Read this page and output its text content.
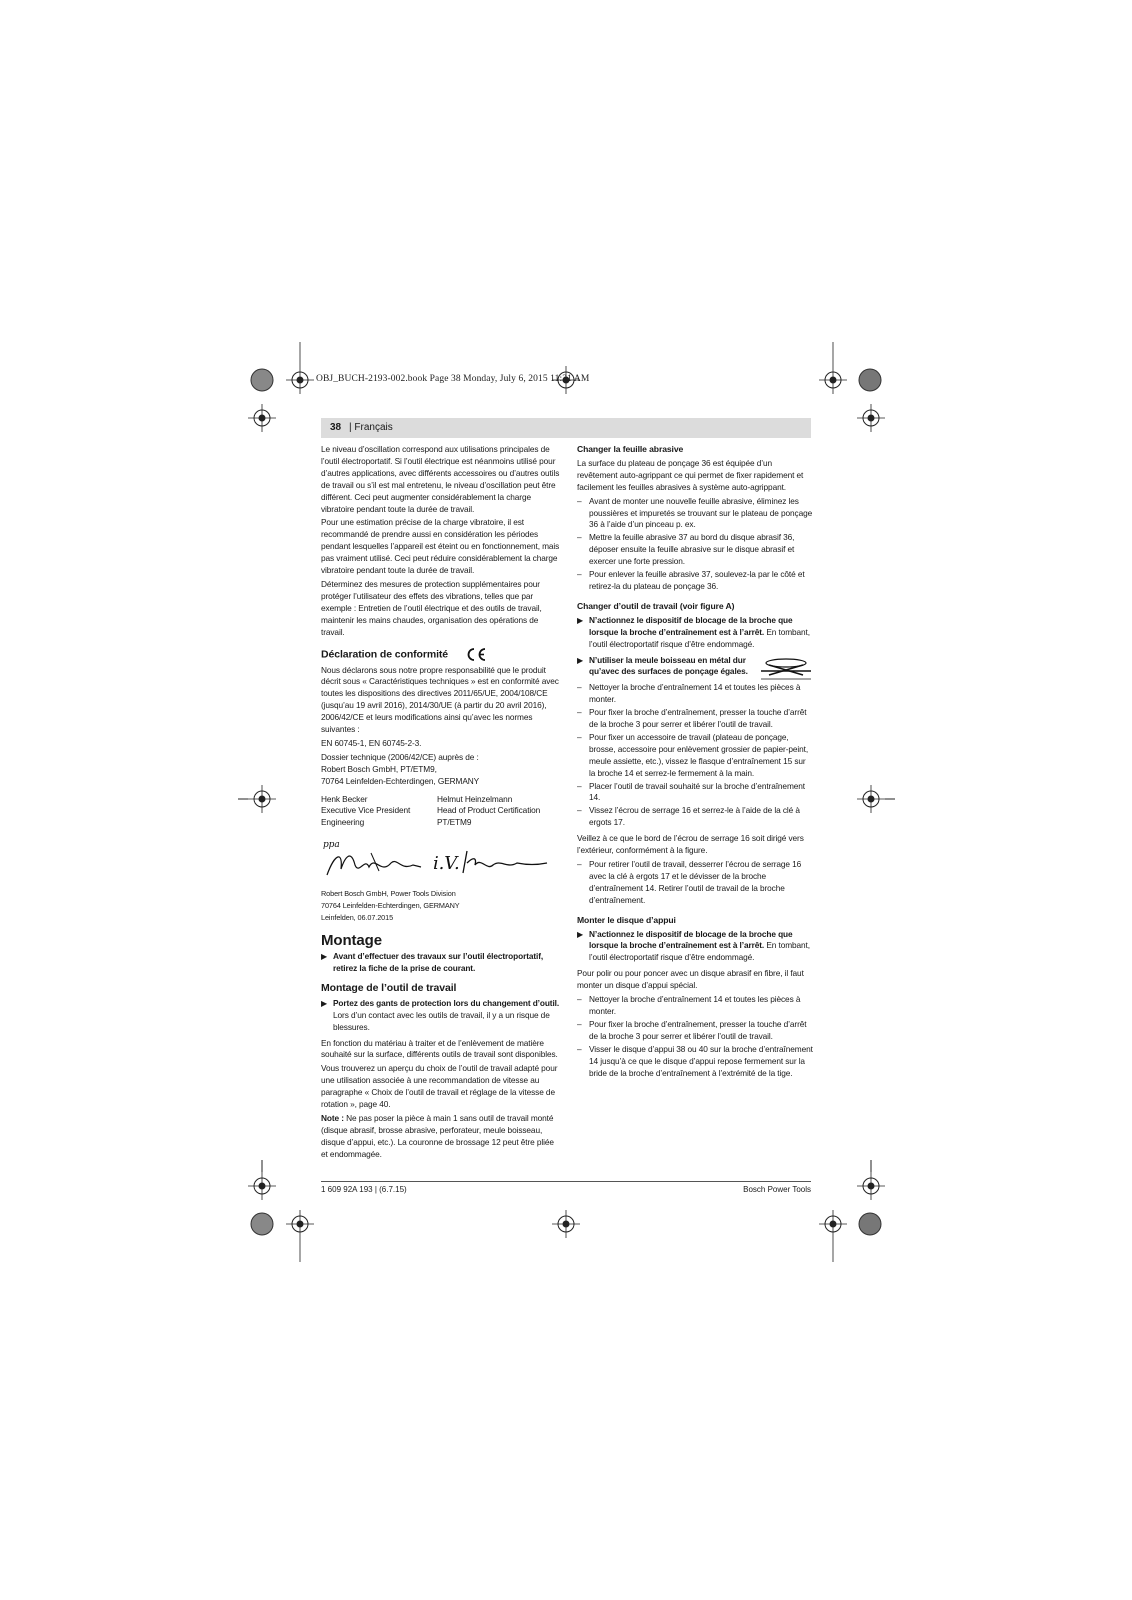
OBJ_BUCH-2193-002.book Page 38 Monday, July 6, 2015 11:21 AM
38 | Français

Le niveau d’oscillation correspond aux utilisations principales de l’outil électroportatif. Si l’outil électrique est néanmoins utilisé pour d’autres applications, avec différents accessoires ou d’autres outils de travail ou s’il est mal entretenu, le niveau d’oscillation peut être différent. Ceci peut augmenter considérablement la charge vibratoire pendant toute la durée de travail.

Pour une estimation précise de la charge vibratoire, il est recommandé de prendre aussi en considération les périodes pendant lesquelles l’appareil est éteint ou en fonctionnement, mais pas vraiment utilisé. Ceci peut réduire considérablement la charge vibratoire pendant toute la durée de travail.

Déterminez des mesures de protection supplémentaires pour protéger l’utilisateur des effets des vibrations, telles que par exemple : Entretien de l’outil électrique et des outils de travail, maintenir les mains chaudes, organisation des opérations de travail.

Déclaration de conformité

Nous déclarons sous notre propre responsabilité que le produit décrit sous « Caractéristiques techniques » est en conformité avec toutes les dispositions des directives 2011/65/UE, 2004/108/CE (jusqu’au 19 avril 2016), 2014/30/UE (à partir du 20 avril 2016), 2006/42/CE et leurs modifications ainsi qu’avec les normes suivantes :

EN 60745-1, EN 60745-2-3.

Dossier technique (2006/42/CE) auprès de :

Robert Bosch GmbH, PT/ETM9,

70764 Leinfelden-Echterdingen, GERMANY

Henk Becker
Executive Vice President
Engineering
Helmut Heinzelmann
Head of Product Certification
PT/ETM9
ppa
i.V.

Robert Bosch GmbH, Power Tools Division

70764 Leinfelden-Echterdingen, GERMANY

Leinfelden, 06.07.2015

Montage
▶ Avant d’effectuer des travaux sur l’outil électroportatif, retirez la fiche de la prise de courant.
Montage de l’outil de travail
▶ Portez des gants de protection lors du changement d’outil. Lors d’un contact avec les outils de travail, il y a un risque de blessures.

En fonction du matériau à traiter et de l’enlèvement de matière souhaité sur la surface, différents outils de travail sont disponibles.

Vous trouverez un aperçu du choix de l’outil de travail adapté pour une utilisation associée à une recommandation de vitesse au paragraphe « Choix de l’outil de travail et réglage de la vitesse de rotation », page 40.

Note : Ne pas poser la pièce à main 1 sans outil de travail monté (disque abrasif, brosse abrasive, perforateur, meule boisseau, disque d’appui, etc.). La couronne de brossage 12 peut être pliée et endommagée.

Changer la feuille abrasive

La surface du plateau de ponçage 36 est équipée d’un revêtement auto-agrippant ce qui permet de fixer rapidement et facilement les feuilles abrasives à système auto-agrippant.

– Avant de monter une nouvelle feuille abrasive, éliminez les poussières et impuretés se trouvant sur le plateau de ponçage 36 à l’aide d’un pinceau p. ex.
– Mettre la feuille abrasive 37 au bord du disque abrasif 36, déposer ensuite la feuille abrasive sur le disque abrasif et exercer une forte pression.
– Pour enlever la feuille abrasive 37, soulevez-la par le côté et retirez-la du plateau de ponçage 36.
Changer d’outil de travail (voir figure A)
▶ N’actionnez le dispositif de blocage de la broche que lorsque la broche d’entraînement est à l’arrêt. En tombant, l’outil électroportatif risque d’être endommagé.
▶ N’utiliser la meule boisseau en métal dur qu’avec des surfaces de ponçage égales.
– Nettoyer la broche d’entraînement 14 et toutes les pièces à monter.
– Pour fixer la broche d’entraînement, presser la touche d’arrêt de la broche 3 pour serrer et libérer l’outil de travail.
– Pour fixer un accessoire de travail (plateau de ponçage, brosse, accessoire pour enlèvement grossier de papier-peint, meule assiette, etc.), vissez le flasque d’entraînement 15 sur la broche 14 et serrez-le fermement à la main.
– Placer l’outil de travail souhaité sur la broche d’entraînement 14.
– Vissez l’écrou de serrage 16 et serrez-le à l’aide de la clé à ergots 17.

Veillez à ce que le bord de l’écrou de serrage 16 soit dirigé vers l’extérieur, conformément à la figure.

– Pour retirer l’outil de travail, desserrer l’écrou de serrage 16 avec la clé à ergots 17 et le dévisser de la broche d’entraînement 14. Retirer l’outil de travail de la broche d’entraînement.
Monter le disque d’appui
▶ N’actionnez le dispositif de blocage de la broche que lorsque la broche d’entraînement est à l’arrêt. En tombant, l’outil électroportatif risque d’être endommagé.

Pour polir ou pour poncer avec un disque abrasif en fibre, il faut monter un disque d’appui spécial.

– Nettoyer la broche d’entraînement 14 et toutes les pièces à monter.
– Pour fixer la broche d’entraînement, presser la touche d’arrêt de la broche 3 pour serrer et libérer l’outil de travail.
– Visser le disque d’appui 38 ou 40 sur la broche d’entraînement 14 jusqu’à ce que le disque d’appui repose fermement sur la bride de la broche d’entraînement à l’extrémité de la tige.
1 609 92A 193 | (6.7.15)	Bosch Power Tools
